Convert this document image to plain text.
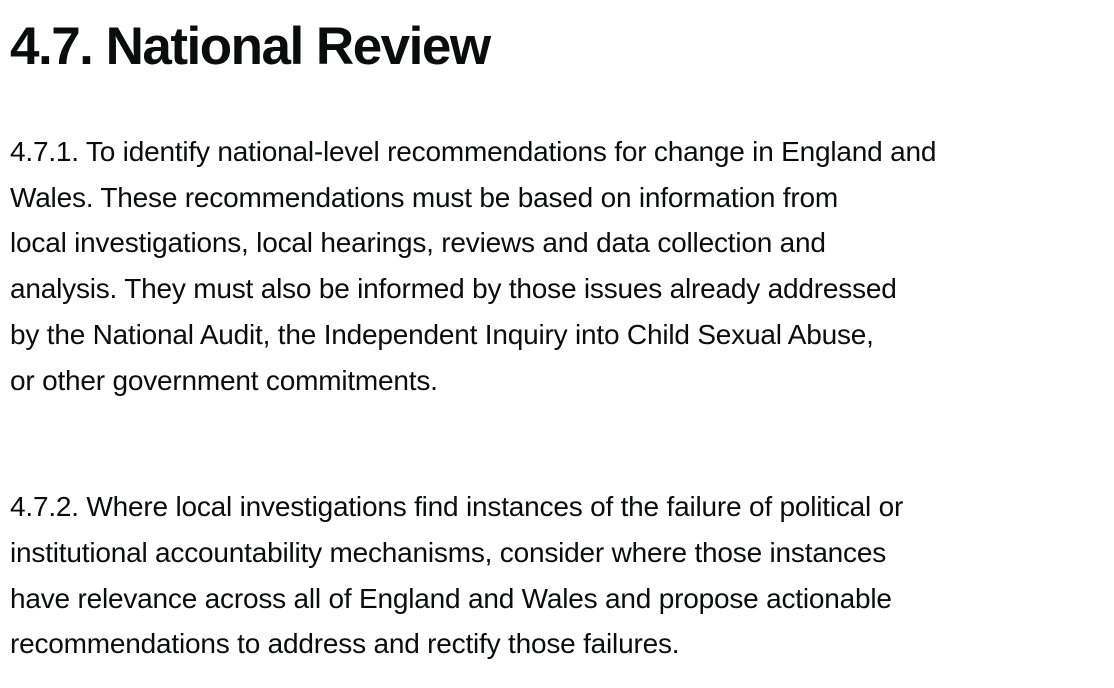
4.7. National Review

4.7.1. To identify national-level recommendations for change in England and
Wales. These recommendations must be based on information from
local investigations, local hearings, reviews and data collection and
analysis. They must also be informed by those issues already addressed
by the National Audit, the Independent Inquiry into Child Sexual Abuse,
or other government commitments.

4.7.2. Where local investigations find instances of the failure of political or
institutional accountability mechanisms, consider where those instances
have relevance across all of England and Wales and propose actionable
recommendations to address and rectify those failures.
